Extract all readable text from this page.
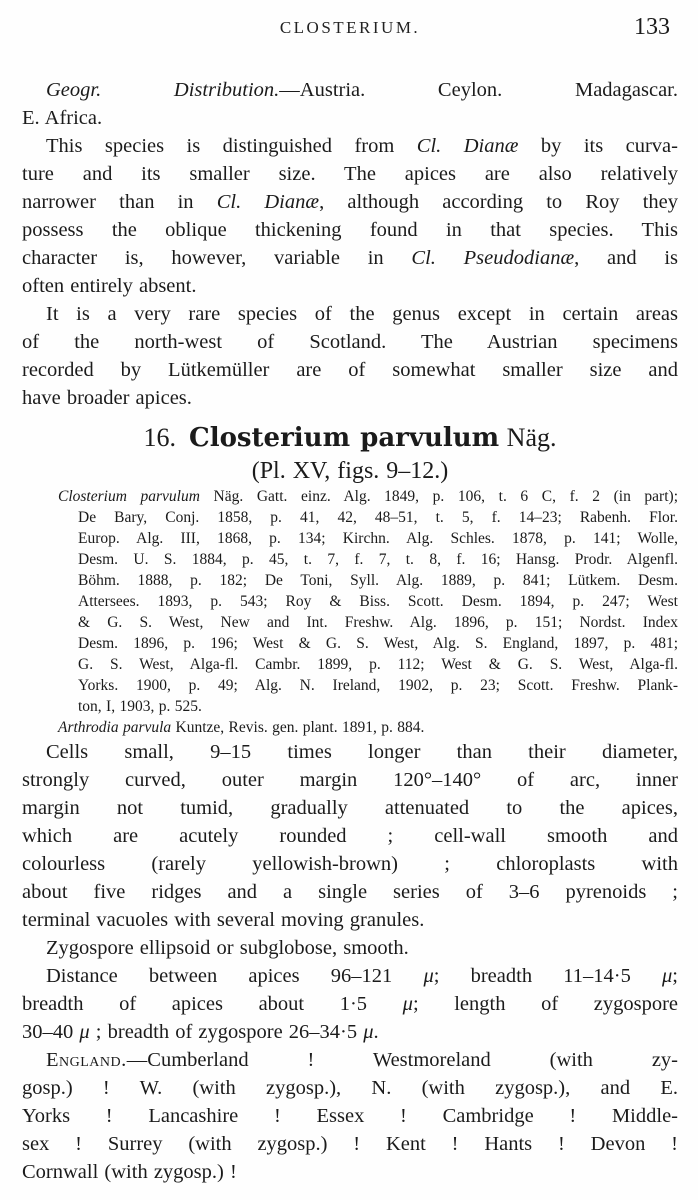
CLOSTERIUM.	133
Geogr. Distribution.—Austria. Ceylon. Madagascar.
E. Africa.
This species is distinguished from Cl. Dianæ by its curva-
ture and its smaller size. The apices are also relatively
narrower than in Cl. Dianæ, although according to Roy they
possess the oblique thickening found in that species. This
character is, however, variable in Cl. Pseudodianæ, and is
often entirely absent.
It is a very rare species of the genus except in certain areas
of the north-west of Scotland. The Austrian specimens
recorded by Lütkemüller are of somewhat smaller size and
have broader apices.
16. Closterium parvulum Näg.
(Pl. XV, figs. 9–12.)
Closterium parvulum Näg. Gatt. einz. Alg. 1849, p. 106, t. 6 C, f. 2 (in part);
De Bary, Conj. 1858, p. 41, 42, 48–51, t. 5, f. 14–23; Rabenh. Flor.
Europ. Alg. III, 1868, p. 134; Kirchn. Alg. Schles. 1878, p. 141; Wolle,
Desm. U. S. 1884, p. 45, t. 7, f. 7, t. 8, f. 16; Hansg. Prodr. Algenfl.
Böhm. 1888, p. 182; De Toni, Syll. Alg. 1889, p. 841; Lütkem. Desm.
Attersees. 1893, p. 543; Roy & Biss. Scott. Desm. 1894, p. 247; West
& G. S. West, New and Int. Freshw. Alg. 1896, p. 151; Nordst. Index
Desm. 1896, p. 196; West & G. S. West, Alg. S. England, 1897, p. 481;
G. S. West, Alga-fl. Cambr. 1899, p. 112; West & G. S. West, Alga-fl.
Yorks. 1900, p. 49; Alg. N. Ireland, 1902, p. 23; Scott. Freshw. Plank-
ton, I, 1903, p. 525.
Arthrodia parvula Kuntze, Revis. gen. plant. 1891, p. 884.
Cells small, 9–15 times longer than their diameter,
strongly curved, outer margin 120°–140° of arc, inner
margin not tumid, gradually attenuated to the apices,
which are acutely rounded ; cell-wall smooth and
colourless (rarely yellowish-brown) ; chloroplasts with
about five ridges and a single series of 3–6 pyrenoids ;
terminal vacuoles with several moving granules.
Zygospore ellipsoid or subglobose, smooth.
Distance between apices 96–121 μ; breadth 11–14·5 μ;
breadth of apices about 1·5 μ; length of zygospore
30–40 μ ; breadth of zygospore 26–34·5 μ.
England.—Cumberland ! Westmoreland (with zy-
gosp.) ! W. (with zygosp.), N. (with zygosp.), and E.
Yorks ! Lancashire ! Essex ! Cambridge ! Middle-
sex ! Surrey (with zygosp.) ! Kent ! Hants ! Devon !
Cornwall (with zygosp.) !
